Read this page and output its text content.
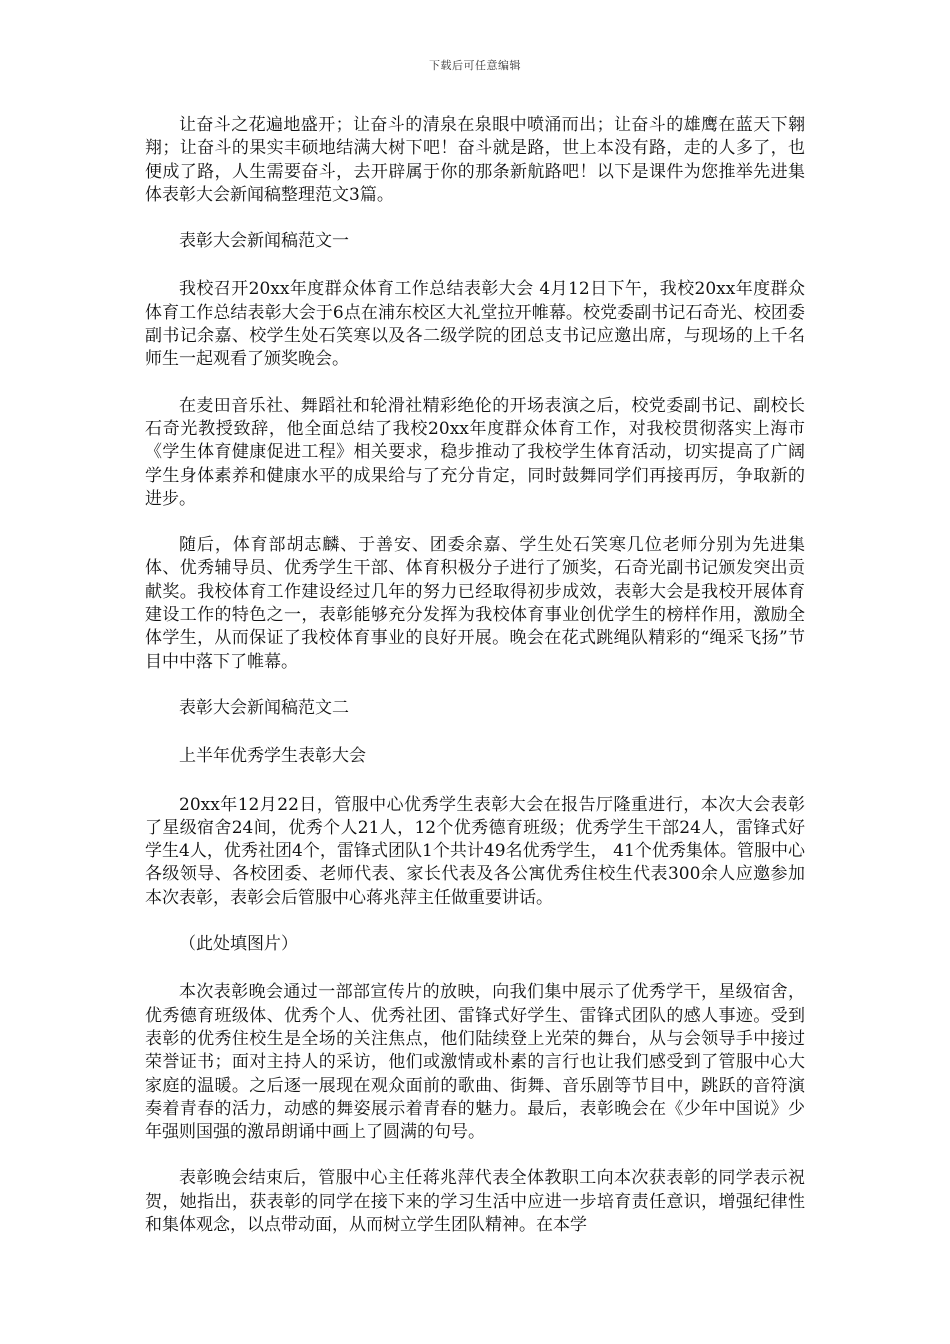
下载后可任意编辑

让奋斗之花遍地盛开；让奋斗的清泉在泉眼中喷涌而出；让奋斗的雄鹰在蓝天下翱翔；让奋斗的果实丰硕地结满大树下吧！奋斗就是路，世上本没有路，走的人多了，也便成了路，人生需要奋斗，去开辟属于你的那条新航路吧！以下是课件为您推举先进集体表彰大会新闻稿整理范文3篇。

表彰大会新闻稿范文一

我校召开20xx年度群众体育工作总结表彰大会 4月12日下午，我校20xx年度群众体育工作总结表彰大会于6点在浦东校区大礼堂拉开帷幕。校党委副书记石奇光、校团委副书记余嘉、校学生处石笑寒以及各二级学院的团总支书记应邀出席，与现场的上千名师生一起观看了颁奖晚会。

在麦田音乐社、舞蹈社和轮滑社精彩绝伦的开场表演之后，校党委副书记、副校长石奇光教授致辞，他全面总结了我校20xx年度群众体育工作，对我校贯彻落实上海市《学生体育健康促进工程》相关要求，稳步推动了我校学生体育活动，切实提高了广阔学生身体素养和健康水平的成果给与了充分肯定，同时鼓舞同学们再接再厉，争取新的进步。

随后，体育部胡志麟、于善安、团委余嘉、学生处石笑寒几位老师分别为先进集体、优秀辅导员、优秀学生干部、体育积极分子进行了颁奖，石奇光副书记颁发突出贡献奖。我校体育工作建设经过几年的努力已经取得初步成效，表彰大会是我校开展体育建设工作的特色之一，表彰能够充分发挥为我校体育事业创优学生的榜样作用，激励全体学生，从而保证了我校体育事业的良好开展。晚会在花式跳绳队精彩的“绳采飞扬”节目中中落下了帷幕。

表彰大会新闻稿范文二

上半年优秀学生表彰大会

20xx年12月22日，管服中心优秀学生表彰大会在报告厅隆重进行，本次大会表彰了星级宿舍24间，优秀个人21人，12个优秀德育班级；优秀学生干部24人，雷锋式好学生4人，优秀社团4个，雷锋式团队1个共计49名优秀学生， 41个优秀集体。管服中心各级领导、各校团委、老师代表、家长代表及各公寓优秀住校生代表300余人应邀参加本次表彰，表彰会后管服中心蒋兆萍主任做重要讲话。

（此处填图片）

本次表彰晚会通过一部部宣传片的放映，向我们集中展示了优秀学干，星级宿舍，优秀德育班级体、优秀个人、优秀社团、雷锋式好学生、雷锋式团队的感人事迹。受到表彰的优秀住校生是全场的关注焦点，他们陆续登上光荣的舞台，从与会领导手中接过荣誉证书；面对主持人的采访，他们或激情或朴素的言行也让我们感受到了管服中心大家庭的温暖。之后逐一展现在观众面前的歌曲、街舞、音乐剧等节目中，跳跃的音符演奏着青春的活力，动感的舞姿展示着青春的魅力。最后，表彰晚会在《少年中国说》少年强则国强的激昂朗诵中画上了圆满的句号。

表彰晚会结束后，管服中心主任蒋兆萍代表全体教职工向本次获表彰的同学表示祝贺，她指出，获表彰的同学在接下来的学习生活中应进一步培育责任意识，增强纪律性和集体观念，以点带动面，从而树立学生团队精神。在本学
